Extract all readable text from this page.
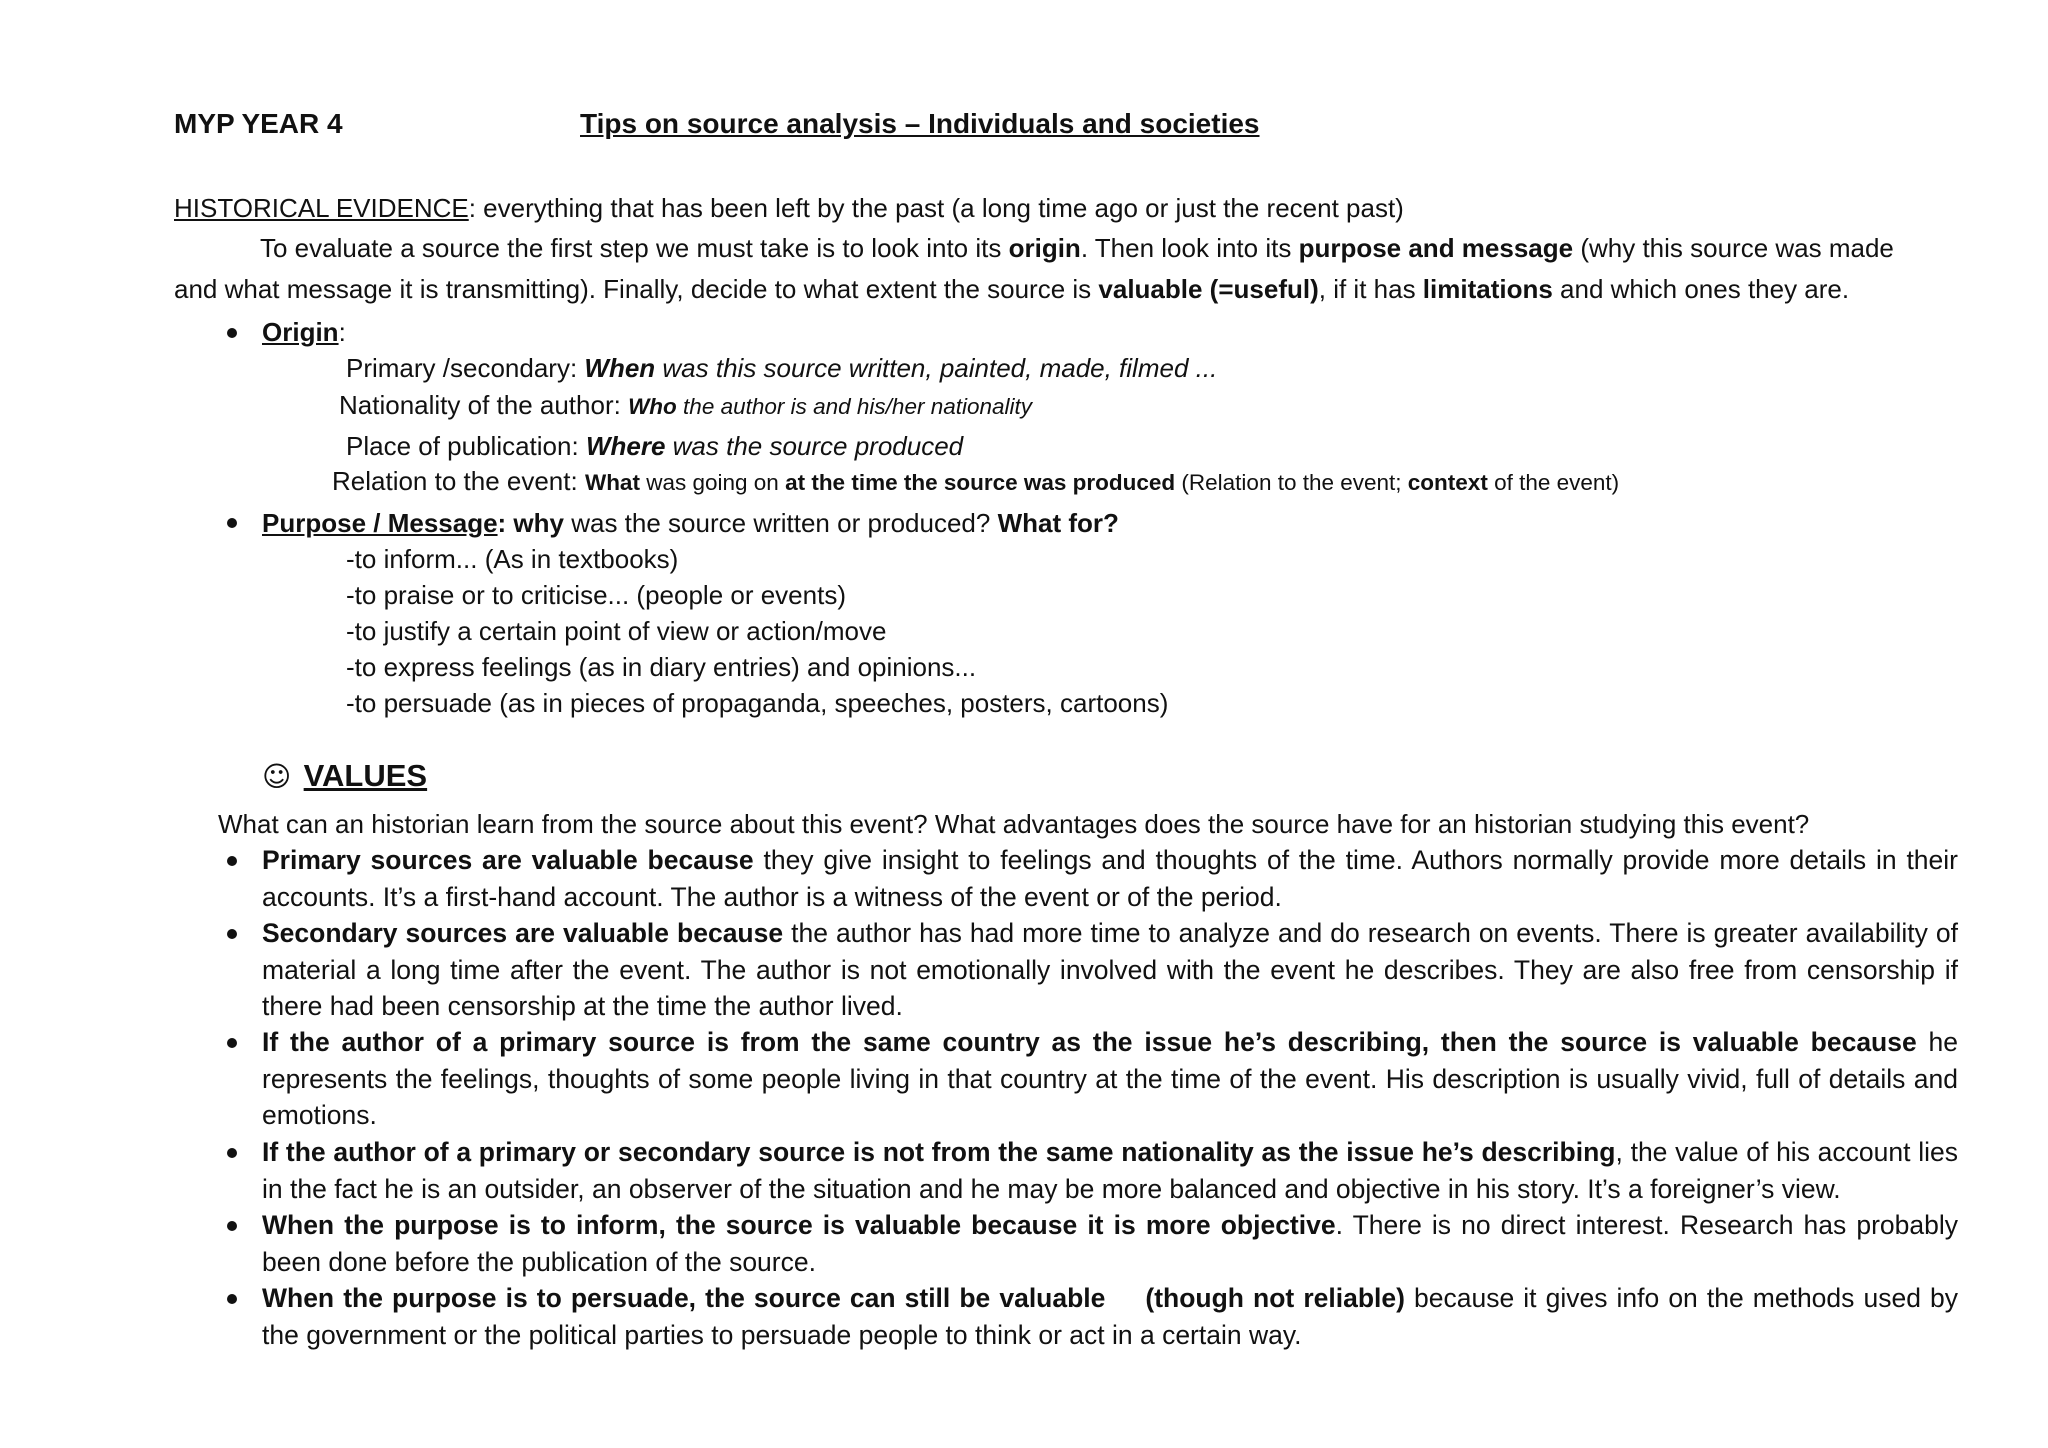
MYP YEAR 4	Tips on source analysis – Individuals and societies
HISTORICAL EVIDENCE: everything that has been left by the past (a long time ago or just the recent past)
To evaluate a source the first step we must take is to look into its origin. Then look into its purpose and message (why this source was made
and what message it is transmitting). Finally, decide to what extent the source is valuable (=useful), if it has limitations and which ones they are.
Origin:
Primary /secondary: When was this source written, painted, made, filmed ...
Nationality of the author: Who the author is and his/her nationality
Place of publication: Where was the source produced
Relation to the event: What was going on at the time the source was produced (Relation to the event; context of the event)
Purpose / Message: why was the source written or produced? What for?
-to inform... (As in textbooks)
-to praise or to criticise... (people or events)
-to justify a certain point of view or action/move
-to express feelings (as in diary entries) and opinions...
-to persuade (as in pieces of propaganda, speeches, posters, cartoons)
☺ VALUES
What can an historian learn from the source about this event? What advantages does the source have for an historian studying this event?
Primary sources are valuable because they give insight to feelings and thoughts of the time. Authors normally provide more details in their accounts. It’s a first-hand account. The author is a witness of the event or of the period.
Secondary sources are valuable because the author has had more time to analyze and do research on events. There is greater availability of material a long time after the event. The author is not emotionally involved with the event he describes. They are also free from censorship if there had been censorship at the time the author lived.
If the author of a primary source is from the same country as the issue he’s describing, then the source is valuable because he represents the feelings, thoughts of some people living in that country at the time of the event. His description is usually vivid, full of details and emotions.
If the author of a primary or secondary source is not from the same nationality as the issue he’s describing, the value of his account lies in the fact he is an outsider, an observer of the situation and he may be more balanced and objective in his story. It’s a foreigner’s view.
When the purpose is to inform, the source is valuable because it is more objective. There is no direct interest. Research has probably been done before the publication of the source.
When the purpose is to persuade, the source can still be valuable (though not reliable) because it gives info on the methods used by the government or the political parties to persuade people to think or act in a certain way.
